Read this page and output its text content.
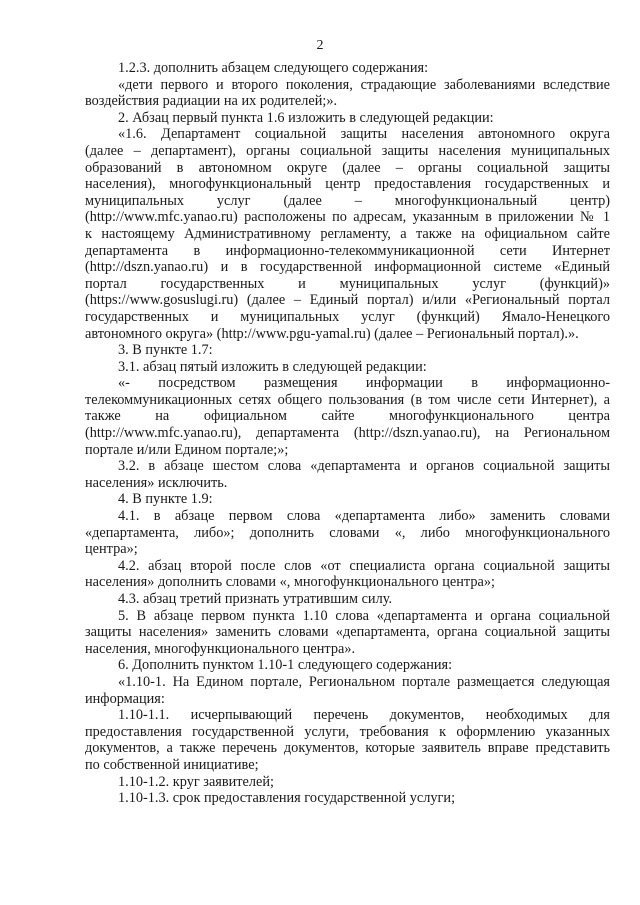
2
1.2.3. дополнить абзацем следующего содержания:
«дети первого и второго поколения, страдающие заболеваниями вследствие
воздействия радиации на их родителей;».
2. Абзац первый пункта 1.6 изложить в следующей редакции:
«1.6. Департамент социальной защиты населения автономного округа
(далее – департамент), органы социальной защиты населения муниципальных
образований в автономном округе (далее – органы социальной защиты
населения), многофункциональный центр предоставления государственных и
муниципальных услуг (далее – многофункциональный центр)
(http://www.mfc.yanao.ru) расположены по адресам, указанным в приложении № 1
к настоящему Административному регламенту, а также на официальном сайте
департамента в информационно-телекоммуникационной сети Интернет
(http://dszn.yanao.ru) и в государственной информационной системе «Единый
портал государственных и муниципальных услуг (функций)»
(https://www.gosuslugi.ru) (далее – Единый портал) и/или «Региональный портал
государственных и муниципальных услуг (функций) Ямало-Ненецкого
автономного округа» (http://www.pgu-yamal.ru) (далее – Региональный портал).».
3. В пункте 1.7:
3.1. абзац пятый изложить в следующей редакции:
«- посредством размещения информации в информационно-
телекоммуникационных сетях общего пользования (в том числе сети Интернет), а
также на официальном сайте многофункционального центра
(http://www.mfc.yanao.ru), департамента (http://dszn.yanao.ru), на Региональном
портале и/или Едином портале;»;
3.2. в абзаце шестом слова «департамента и органов социальной защиты
населения» исключить.
4. В пункте 1.9:
4.1. в абзаце первом слова «департамента либо» заменить словами
«департамента, либо»; дополнить словами «, либо многофункционального
центра»;
4.2. абзац второй после слов «от специалиста органа социальной защиты
населения» дополнить словами «, многофункционального центра»;
4.3. абзац третий признать утратившим силу.
5. В абзаце первом пункта 1.10 слова «департамента и органа социальной
защиты населения» заменить словами «департамента, органа социальной защиты
населения, многофункционального центра».
6. Дополнить пунктом 1.10-1 следующего содержания:
«1.10-1. На Едином портале, Региональном портале размещается следующая
информация:
1.10-1.1. исчерпывающий перечень документов, необходимых для
предоставления государственной услуги, требования к оформлению указанных
документов, а также перечень документов, которые заявитель вправе представить
по собственной инициативе;
1.10-1.2. круг заявителей;
1.10-1.3. срок предоставления государственной услуги;
